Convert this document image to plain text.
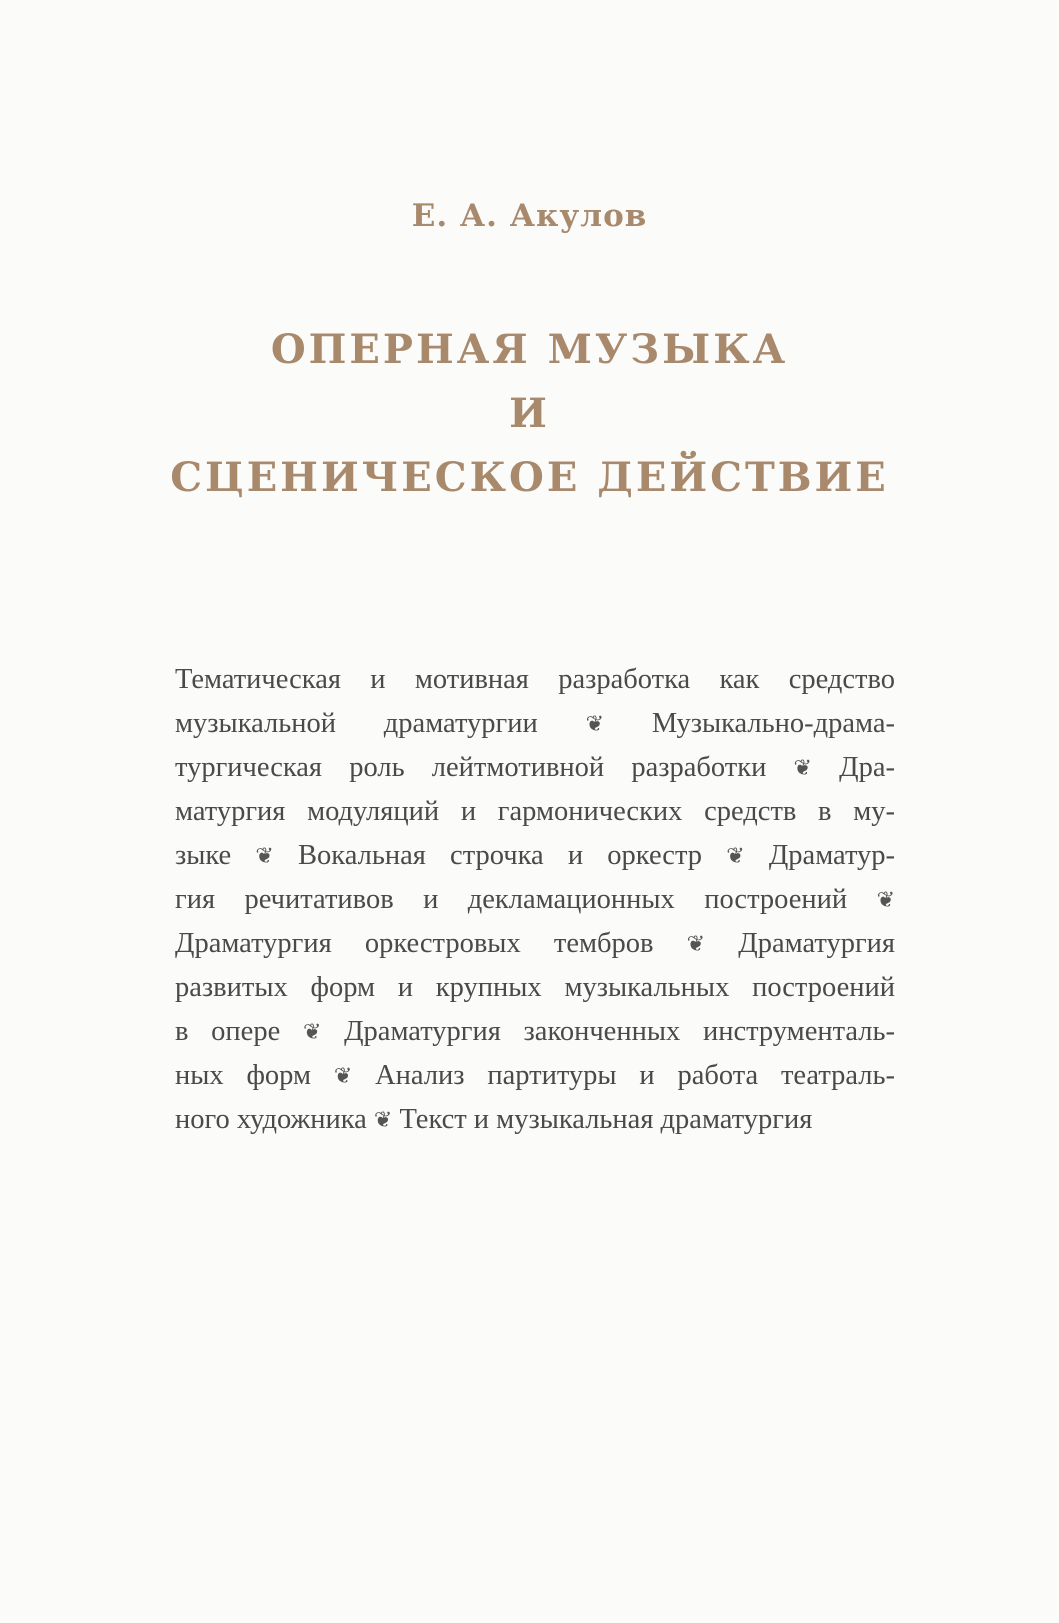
Е. А. Акулов
ОПЕРНАЯ МУЗЫКА
И
СЦЕНИЧЕСКОЕ ДЕЙСТВИЕ
Тематическая и мотивная разработка как средство
музыкальной драматургии ❦ Музыкально-драма-
тургическая роль лейтмотивной разработки ❦ Дра-
матургия модуляций и гармонических средств в му-
зыке ❦ Вокальная строчка и оркестр ❦ Драматур-
гия речитативов и декламационных построений ❦
Драматургия оркестровых тембров ❦ Драматургия
развитых форм и крупных музыкальных построений
в опере ❦ Драматургия законченных инструменталь-
ных форм ❦ Анализ партитуры и работа театраль-
ного художника ❦ Текст и музыкальная драматургия
